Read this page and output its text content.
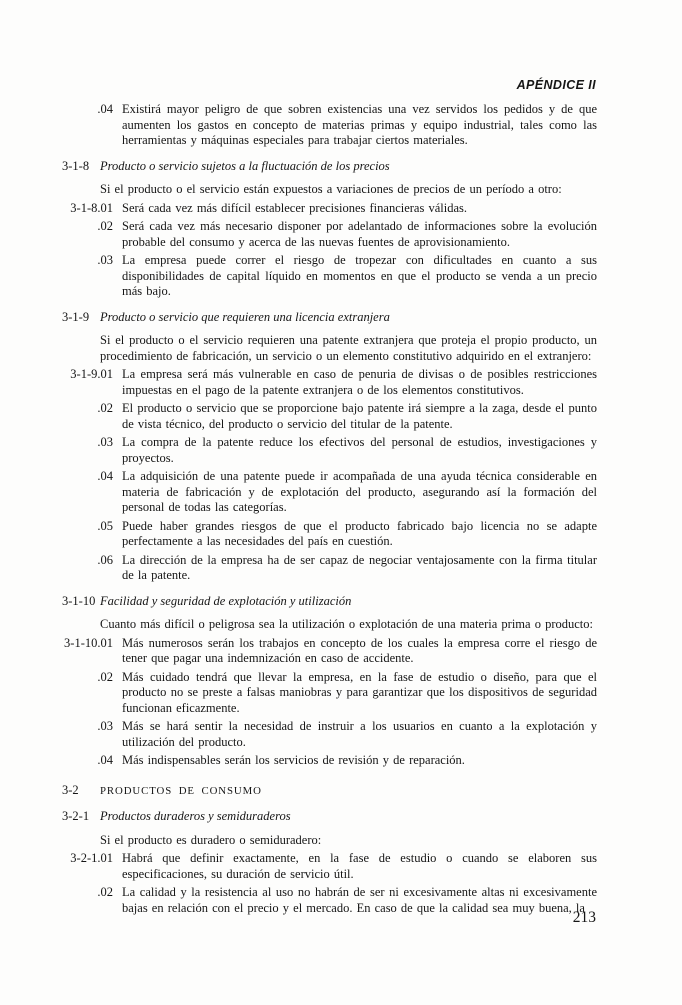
APÉNDICE II
.04 Existirá mayor peligro de que sobren existencias una vez servidos los pedidos y de que aumenten los gastos en concepto de materias primas y equipo industrial, tales como las herramientas y máquinas especiales para trabajar ciertos materiales.

3-1-8 Producto o servicio sujetos a la fluctuación de los precios

Si el producto o el servicio están expuestos a variaciones de precios de un período a otro:

3-1-8.01 Será cada vez más difícil establecer precisiones financieras válidas.

.02 Será cada vez más necesario disponer por adelantado de informaciones sobre la evolución probable del consumo y acerca de las nuevas fuentes de aprovisionamiento.

.03 La empresa puede correr el riesgo de tropezar con dificultades en cuanto a sus disponibilidades de capital líquido en momentos en que el producto se venda a un precio más bajo.

3-1-9 Producto o servicio que requieren una licencia extranjera

Si el producto o el servicio requieren una patente extranjera que proteja el propio producto, un procedimiento de fabricación, un servicio o un elemento constitutivo adquirido en el extranjero:

3-1-9.01 La empresa será más vulnerable en caso de penuria de divisas o de posibles restricciones impuestas en el pago de la patente extranjera o de los elementos constitutivos.

.02 El producto o servicio que se proporcione bajo patente irá siempre a la zaga, desde el punto de vista técnico, del producto o servicio del titular de la patente.

.03 La compra de la patente reduce los efectivos del personal de estudios, investigaciones y proyectos.

.04 La adquisición de una patente puede ir acompañada de una ayuda técnica considerable en materia de fabricación y de explotación del producto, asegurando así la formación del personal de todas las categorías.

.05 Puede haber grandes riesgos de que el producto fabricado bajo licencia no se adapte perfectamente a las necesidades del país en cuestión.

.06 La dirección de la empresa ha de ser capaz de negociar ventajosamente con la firma titular de la patente.

3-1-10 Facilidad y seguridad de explotación y utilización

Cuanto más difícil o peligrosa sea la utilización o explotación de una materia prima o producto:

3-1-10.01 Más numerosos serán los trabajos en concepto de los cuales la empresa corre el riesgo de tener que pagar una indemnización en caso de accidente.

.02 Más cuidado tendrá que llevar la empresa, en la fase de estudio o diseño, para que el producto no se preste a falsas maniobras y para garantizar que los dispositivos de seguridad funcionan eficazmente.

.03 Más se hará sentir la necesidad de instruir a los usuarios en cuanto a la explotación y utilización del producto.

.04 Más indispensables serán los servicios de revisión y de reparación.

3-2	PRODUCTOS DE CONSUMO
3-2-1 Productos duraderos y semiduraderos

Si el producto es duradero o semiduradero:

3-2-1.01 Habrá que definir exactamente, en la fase de estudio o cuando se elaboren sus especificaciones, su duración de servicio útil.

.02 La calidad y la resistencia al uso no habrán de ser ni excesivamente altas ni excesivamente bajas en relación con el precio y el mercado. En caso de que la calidad sea muy buena, la

213
